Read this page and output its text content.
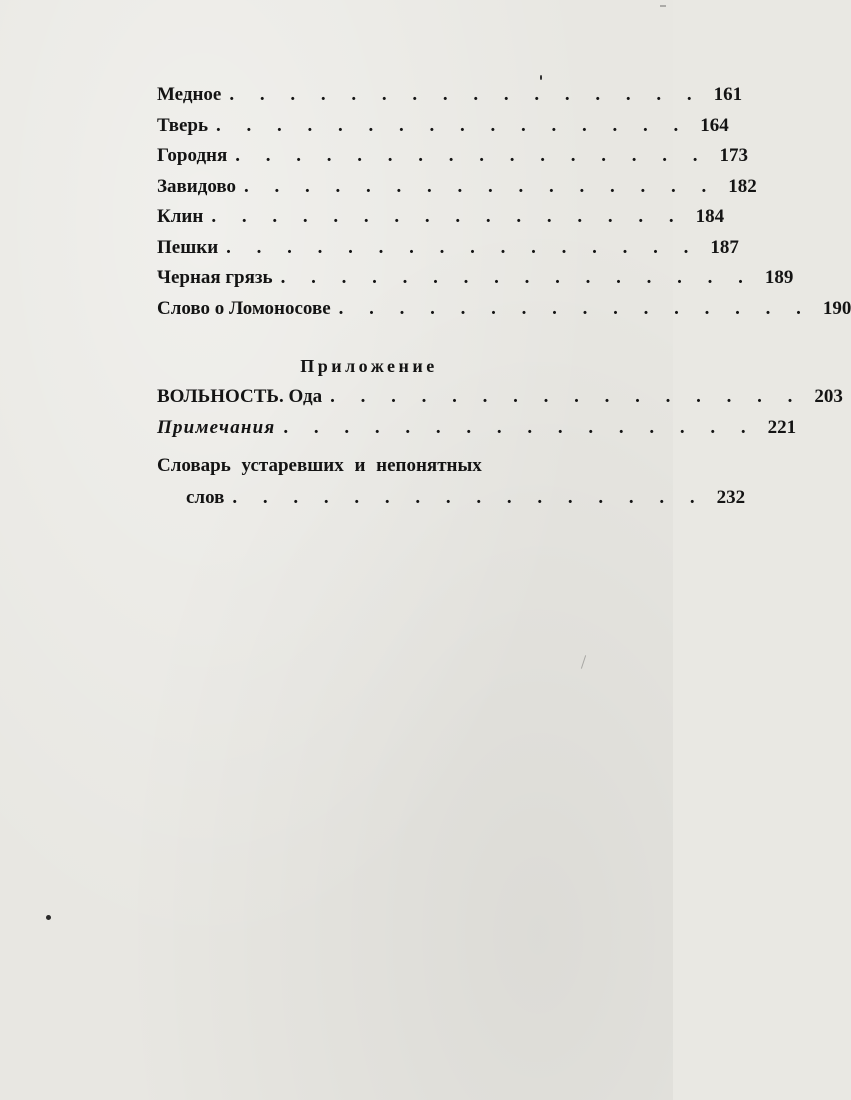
Медное . . . . . . . . . . . . . . . . 161
Тверь . . . . . . . . . . . . . . . . 164
Городня . . . . . . . . . . . . . . . . 173
Завидово . . . . . . . . . . . . . . . . 182
Клин . . . . . . . . . . . . . . . . 184
Пешки . . . . . . . . . . . . . . . . 187
Черная грязь . . . . . . . . . . . . . . . . 189
Слово о Ломоносове . . . . . . . . . . . . . . . . 190
Приложение
ВОЛЬНОСТЬ. Ода . . . . . . . . . . . . . . . . 203
Примечания . . . . . . . . . . . . . . . . 221
Словарь устаревших и непонятных
слов . . . . . . . . . . . . . . . . 232
